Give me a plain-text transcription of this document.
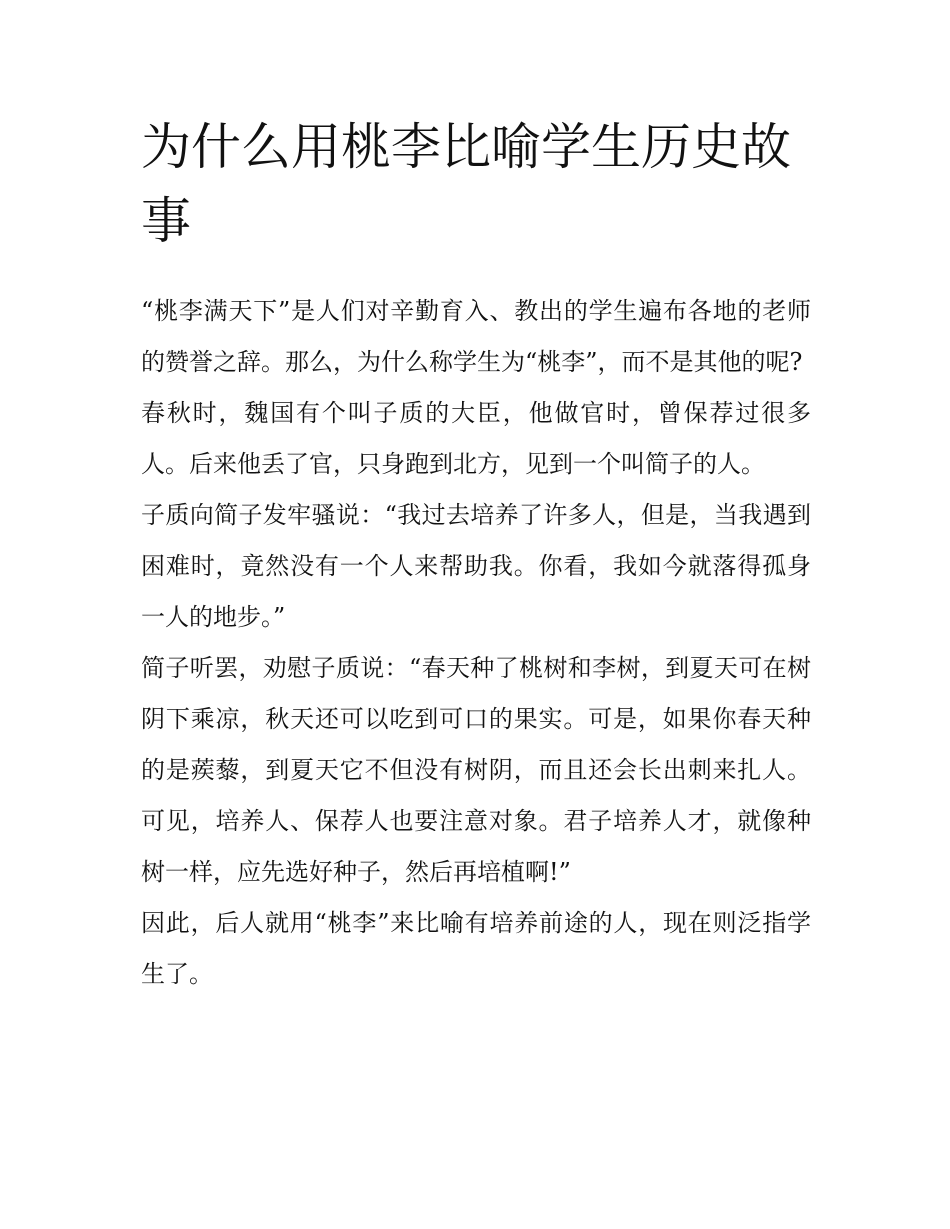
为什么用桃李比喻学生历史故事

“桃李满天下”是人们对辛勤育入、教出的学生遍布各地的老师的赞誉之辞。那么，为什么称学生为“桃李”，而不是其他的呢?

春秋时，魏国有个叫子质的大臣，他做官时，曾保荐过很多人。后来他丢了官，只身跑到北方，见到一个叫简子的人。

子质向简子发牢骚说：“我过去培养了许多人，但是，当我遇到困难时，竟然没有一个人来帮助我。你看，我如今就落得孤身一人的地步。”

简子听罢，劝慰子质说：“春天种了桃树和李树，到夏天可在树阴下乘凉，秋天还可以吃到可口的果实。可是，如果你春天种的是蒺藜，到夏天它不但没有树阴，而且还会长出刺来扎人。可见，培养人、保荐人也要注意对象。君子培养人才，就像种树一样，应先选好种子，然后再培植啊!”

因此，后人就用“桃李”来比喻有培养前途的人，现在则泛指学生了。
